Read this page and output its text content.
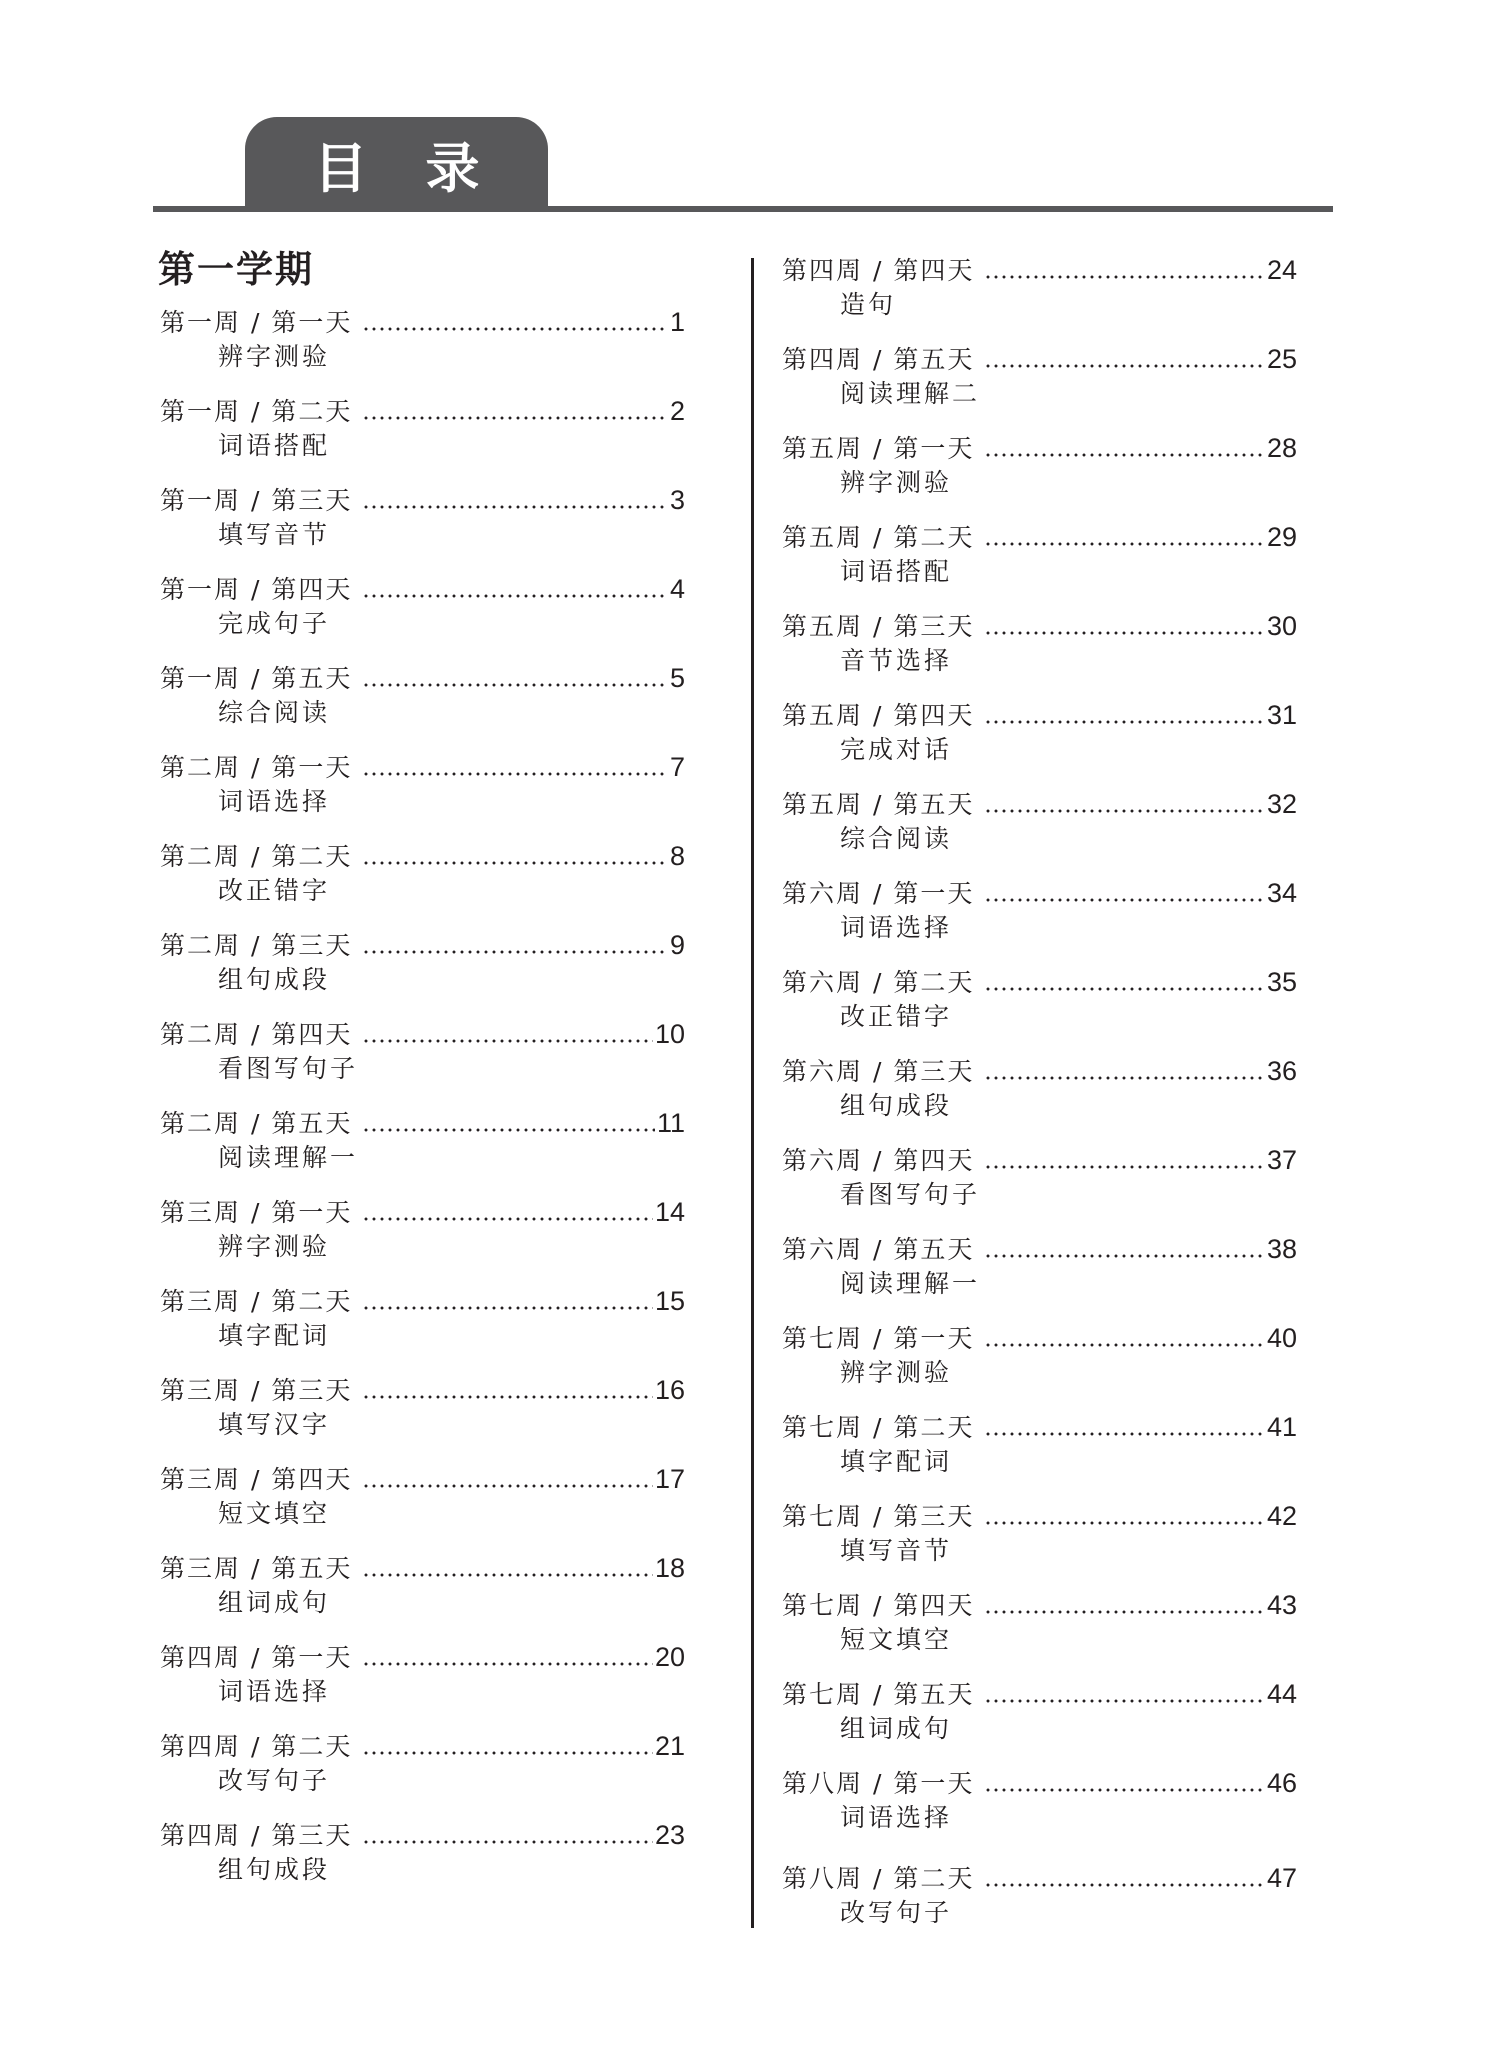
目录
第一学期
第一周 / 第一天	1
辨字测验
第一周 / 第二天	2
词语搭配
第一周 / 第三天	3
填写音节
第一周 / 第四天	4
完成句子
第一周 / 第五天	5
综合阅读
第二周 / 第一天	7
词语选择
第二周 / 第二天	8
改正错字
第二周 / 第三天	9
组句成段
第二周 / 第四天	10
看图写句子
第二周 / 第五天	11
阅读理解一
第三周 / 第一天	14
辨字测验
第三周 / 第二天	15
填字配词
第三周 / 第三天	16
填写汉字
第三周 / 第四天	17
短文填空
第三周 / 第五天	18
组词成句
第四周 / 第一天	20
词语选择
第四周 / 第二天	21
改写句子
第四周 / 第三天	23
组句成段
第四周 / 第四天	24
造句
第四周 / 第五天	25
阅读理解二
第五周 / 第一天	28
辨字测验
第五周 / 第二天	29
词语搭配
第五周 / 第三天	30
音节选择
第五周 / 第四天	31
完成对话
第五周 / 第五天	32
综合阅读
第六周 / 第一天	34
词语选择
第六周 / 第二天	35
改正错字
第六周 / 第三天	36
组句成段
第六周 / 第四天	37
看图写句子
第六周 / 第五天	38
阅读理解一
第七周 / 第一天	40
辨字测验
第七周 / 第二天	41
填字配词
第七周 / 第三天	42
填写音节
第七周 / 第四天	43
短文填空
第七周 / 第五天	44
组词成句
第八周 / 第一天	46
词语选择
第八周 / 第二天	47
改写句子
